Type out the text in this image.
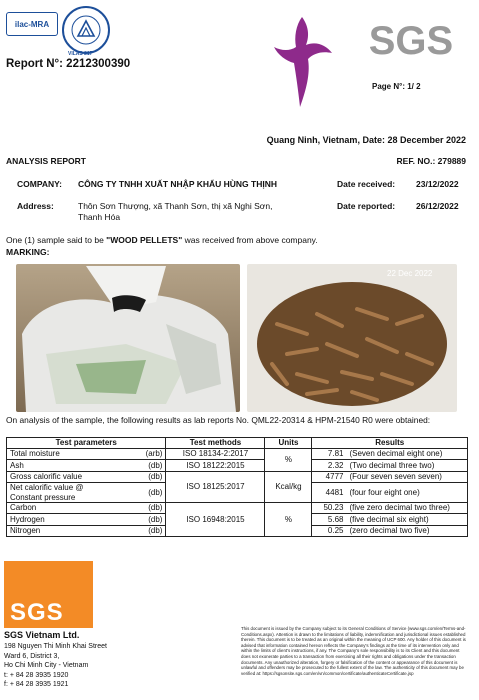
ilac-MRA
VILAS 217	SGS
Report N°: 2212300390
Page N°: 1/ 2
Quang Ninh, Vietnam, Date: 28 December 2022
ANALYSIS REPORT	REF. NO.: 279889
COMPANY: CÔNG TY TNHH XUẤT NHẬP KHẨU HÙNG THỊNH	Date received: 23/12/2022
Address:	Thôn Sơn Thượng, xã Thanh Sơn, thị xã Nghi Sơn,
Thanh Hóa
Date reported: 26/12/2022
One (1) sample said to be "WOOD PELLETS" was received from above company.
MARKING:
22 Dec 2022
On analysis of the sample, the following results as lab reports No. QML22-20314 & HPM-21540 R0 were obtained:
Test parameters		Test methods	Units	Results	
Total moisture	(arb)	ISO 18134-2:2017	%	7.81	(Seven decimal eight one)
Ash	(db)	ISO 18122:2015		2.32	(Two decimal three two)
Gross calorific value	(db)	ISO 18125:2017	Kcal/kg	4777	(Four seven seven seven)
Net calorific value @
Constant pressure	(db)			4481	(four four eight one)
Carbon	(db)	ISO 16948:2015	%	50.23	(five zero decimal two three)
Hydrogen	(db)			5.68	(five decimal six eight)
Nitrogen	(db)			0.25	(zero decimal two five)
SGS
SGS Vietnam Ltd.
198 Nguyen Thi Minh Khai Street
Ward 6, District 3,
Ho Chi Minh City - Vietnam
t: + 84 28 3935 1920
f: + 84 28 3935 1921
This document is issued by the Company subject to its General Conditions of Service (www.sgs.com/en/Terms-and-Conditions.aspx). Attention is drawn to the limitations of liability, indemnification and jurisdictional issues established therein. This document is to be treated as an original within the meaning of UCP 600. Any holder of this document is advised that information contained hereon reflects the Company's findings at the time of its intervention only and within the limits of client's instructions, if any. The Company's sole responsibility is to its Client and this document does not exonerate parties to a transaction from exercising all their rights and obligations under the transaction documents. Any unauthorized alteration, forgery or falsification of the content or appearance of this document is unlawful and offenders may be prosecuted to the fullest extent of the law. The authenticity of this document may be verified at: https://sgsonsite.sgs.com/en/vn/common/certificate/authenticateCertificate.jsp
